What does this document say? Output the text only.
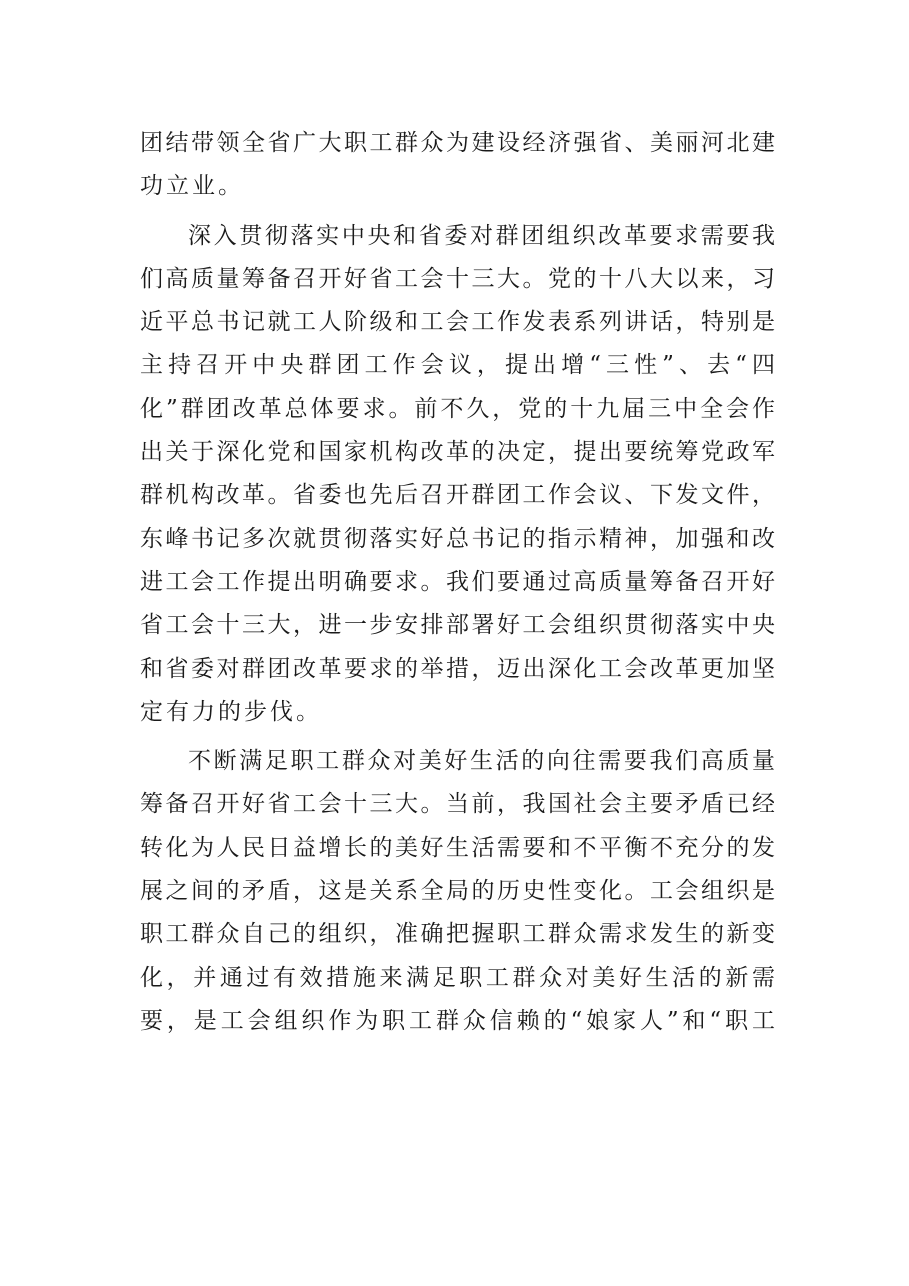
团结带领全省广大职工群众为建设经济强省、美丽河北建
功立业。
深入贯彻落实中央和省委对群团组织改革要求需要我
们高质量筹备召开好省工会十三大。党的十八大以来，习
近平总书记就工人阶级和工会工作发表系列讲话，特别是
主持召开中央群团工作会议，提出增“三性”、去“四
化”群团改革总体要求。前不久，党的十九届三中全会作
出关于深化党和国家机构改革的决定，提出要统筹党政军
群机构改革。省委也先后召开群团工作会议、下发文件，
东峰书记多次就贯彻落实好总书记的指示精神，加强和改
进工会工作提出明确要求。我们要通过高质量筹备召开好
省工会十三大，进一步安排部署好工会组织贯彻落实中央
和省委对群团改革要求的举措，迈出深化工会改革更加坚
定有力的步伐。
不断满足职工群众对美好生活的向往需要我们高质量
筹备召开好省工会十三大。当前，我国社会主要矛盾已经
转化为人民日益增长的美好生活需要和不平衡不充分的发
展之间的矛盾，这是关系全局的历史性变化。工会组织是
职工群众自己的组织，准确把握职工群众需求发生的新变
化，并通过有效措施来满足职工群众对美好生活的新需
要，是工会组织作为职工群众信赖的“娘家人”和“职工
